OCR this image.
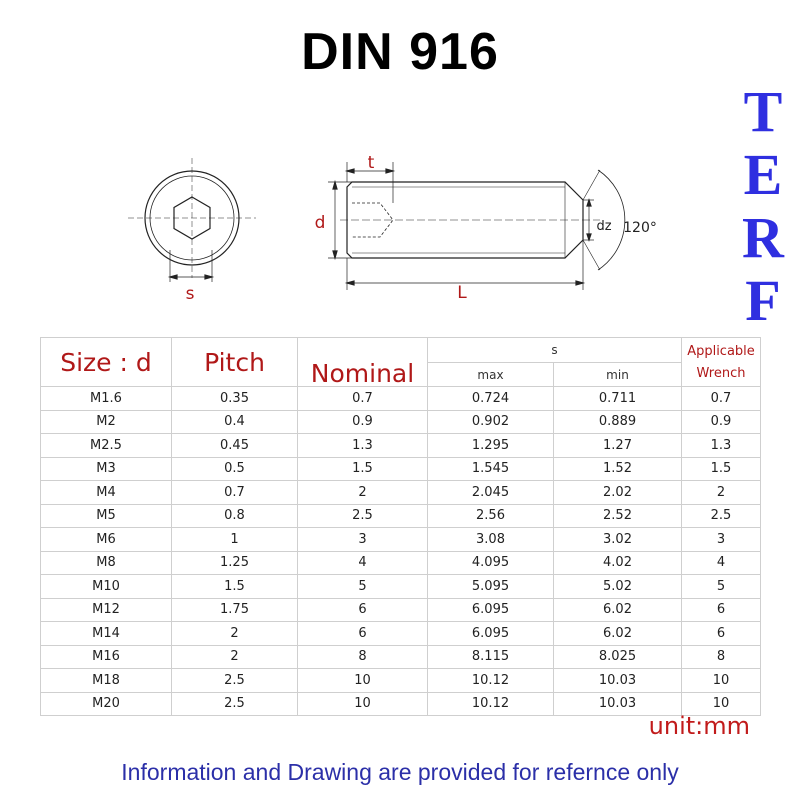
DIN 916
T
E
R
F
s
t
d	dz 120°
L
Size : d	Pitch		s		Applicable
		Nominal	max	min	Wrench
M1.6	0.35	0.7	0.724	0.711	0.7
M2	0.4	0.9	0.902	0.889	0.9
M2.5	0.45	1.3	1.295	1.27	1.3
M3	0.5	1.5	1.545	1.52	1.5
M4	0.7	2	2.045	2.02	2
M5	0.8	2.5	2.56	2.52	2.5
M6	1	3	3.08	3.02	3
M8	1.25	4	4.095	4.02	4
M10	1.5	5	5.095	5.02	5
M12	1.75	6	6.095	6.02	6
M14	2	6	6.095	6.02	6
M16	2	8	8.115	8.025	8
M18	2.5	10	10.12	10.03	10
M20	2.5	10	10.12	10.03	10
unit:mm
Information and Drawing are provided for refernce only
